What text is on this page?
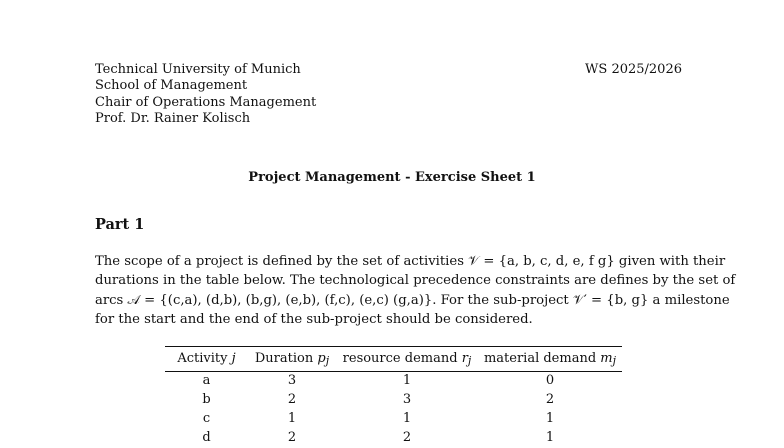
Technical University of Munich
School of Management
Chair of Operations Management
Prof. Dr. Rainer Kolisch
WS 2025/2026
Project Management - Exercise Sheet 1
Part 1
The scope of a project is defined by the set of activities 𝒱 = {a, b, c, d, e, f g} given with their
durations in the table below. The technological precedence constraints are defines by the set of
arcs 𝒜 = {(c,a), (d,b), (b,g), (e,b), (f,c), (e,c) (g,a)}. For the sub-project 𝒱′ = {b, g} a milestone
for the start and the end of the sub-project should be considered.
Activity j	Duration pj	resource demand rj	material demand mj
a	3	1	0
b	2	3	2
c	1	1	1
d	2	2	1
